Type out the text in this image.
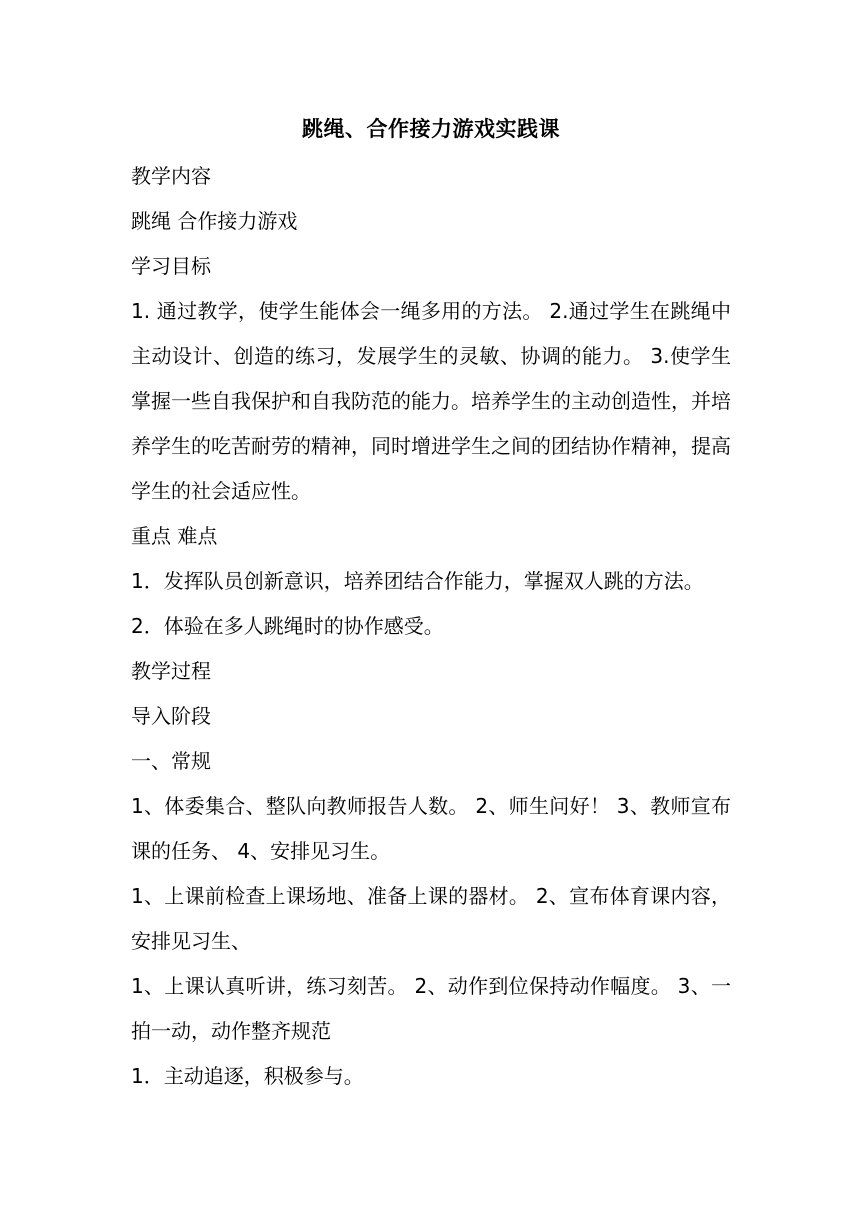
跳绳、合作接力游戏实践课

教学内容

跳绳 合作接力游戏

学习目标

1. 通过教学，使学生能体会一绳多用的方法。 2.通过学生在跳绳中主动设计、创造的练习，发展学生的灵敏、协调的能力。 3.使学生掌握一些自我保护和自我防范的能力。培养学生的主动创造性，并培养学生的吃苦耐劳的精神，同时增进学生之间的团结协作精神，提高学生的社会适应性。

重点 难点

1．发挥队员创新意识，培养团结合作能力，掌握双人跳的方法。

2．体验在多人跳绳时的协作感受。

教学过程

导入阶段

一、常规

1、体委集合、整队向教师报告人数。 2、师生问好！ 3、教师宣布课的任务、 4、安排见习生。

1、上课前检查上课场地、准备上课的器材。 2、宣布体育课内容，安排见习生、

1、上课认真听讲，练习刻苦。 2、动作到位保持动作幅度。 3、一拍一动，动作整齐规范

1．主动追逐，积极参与。
